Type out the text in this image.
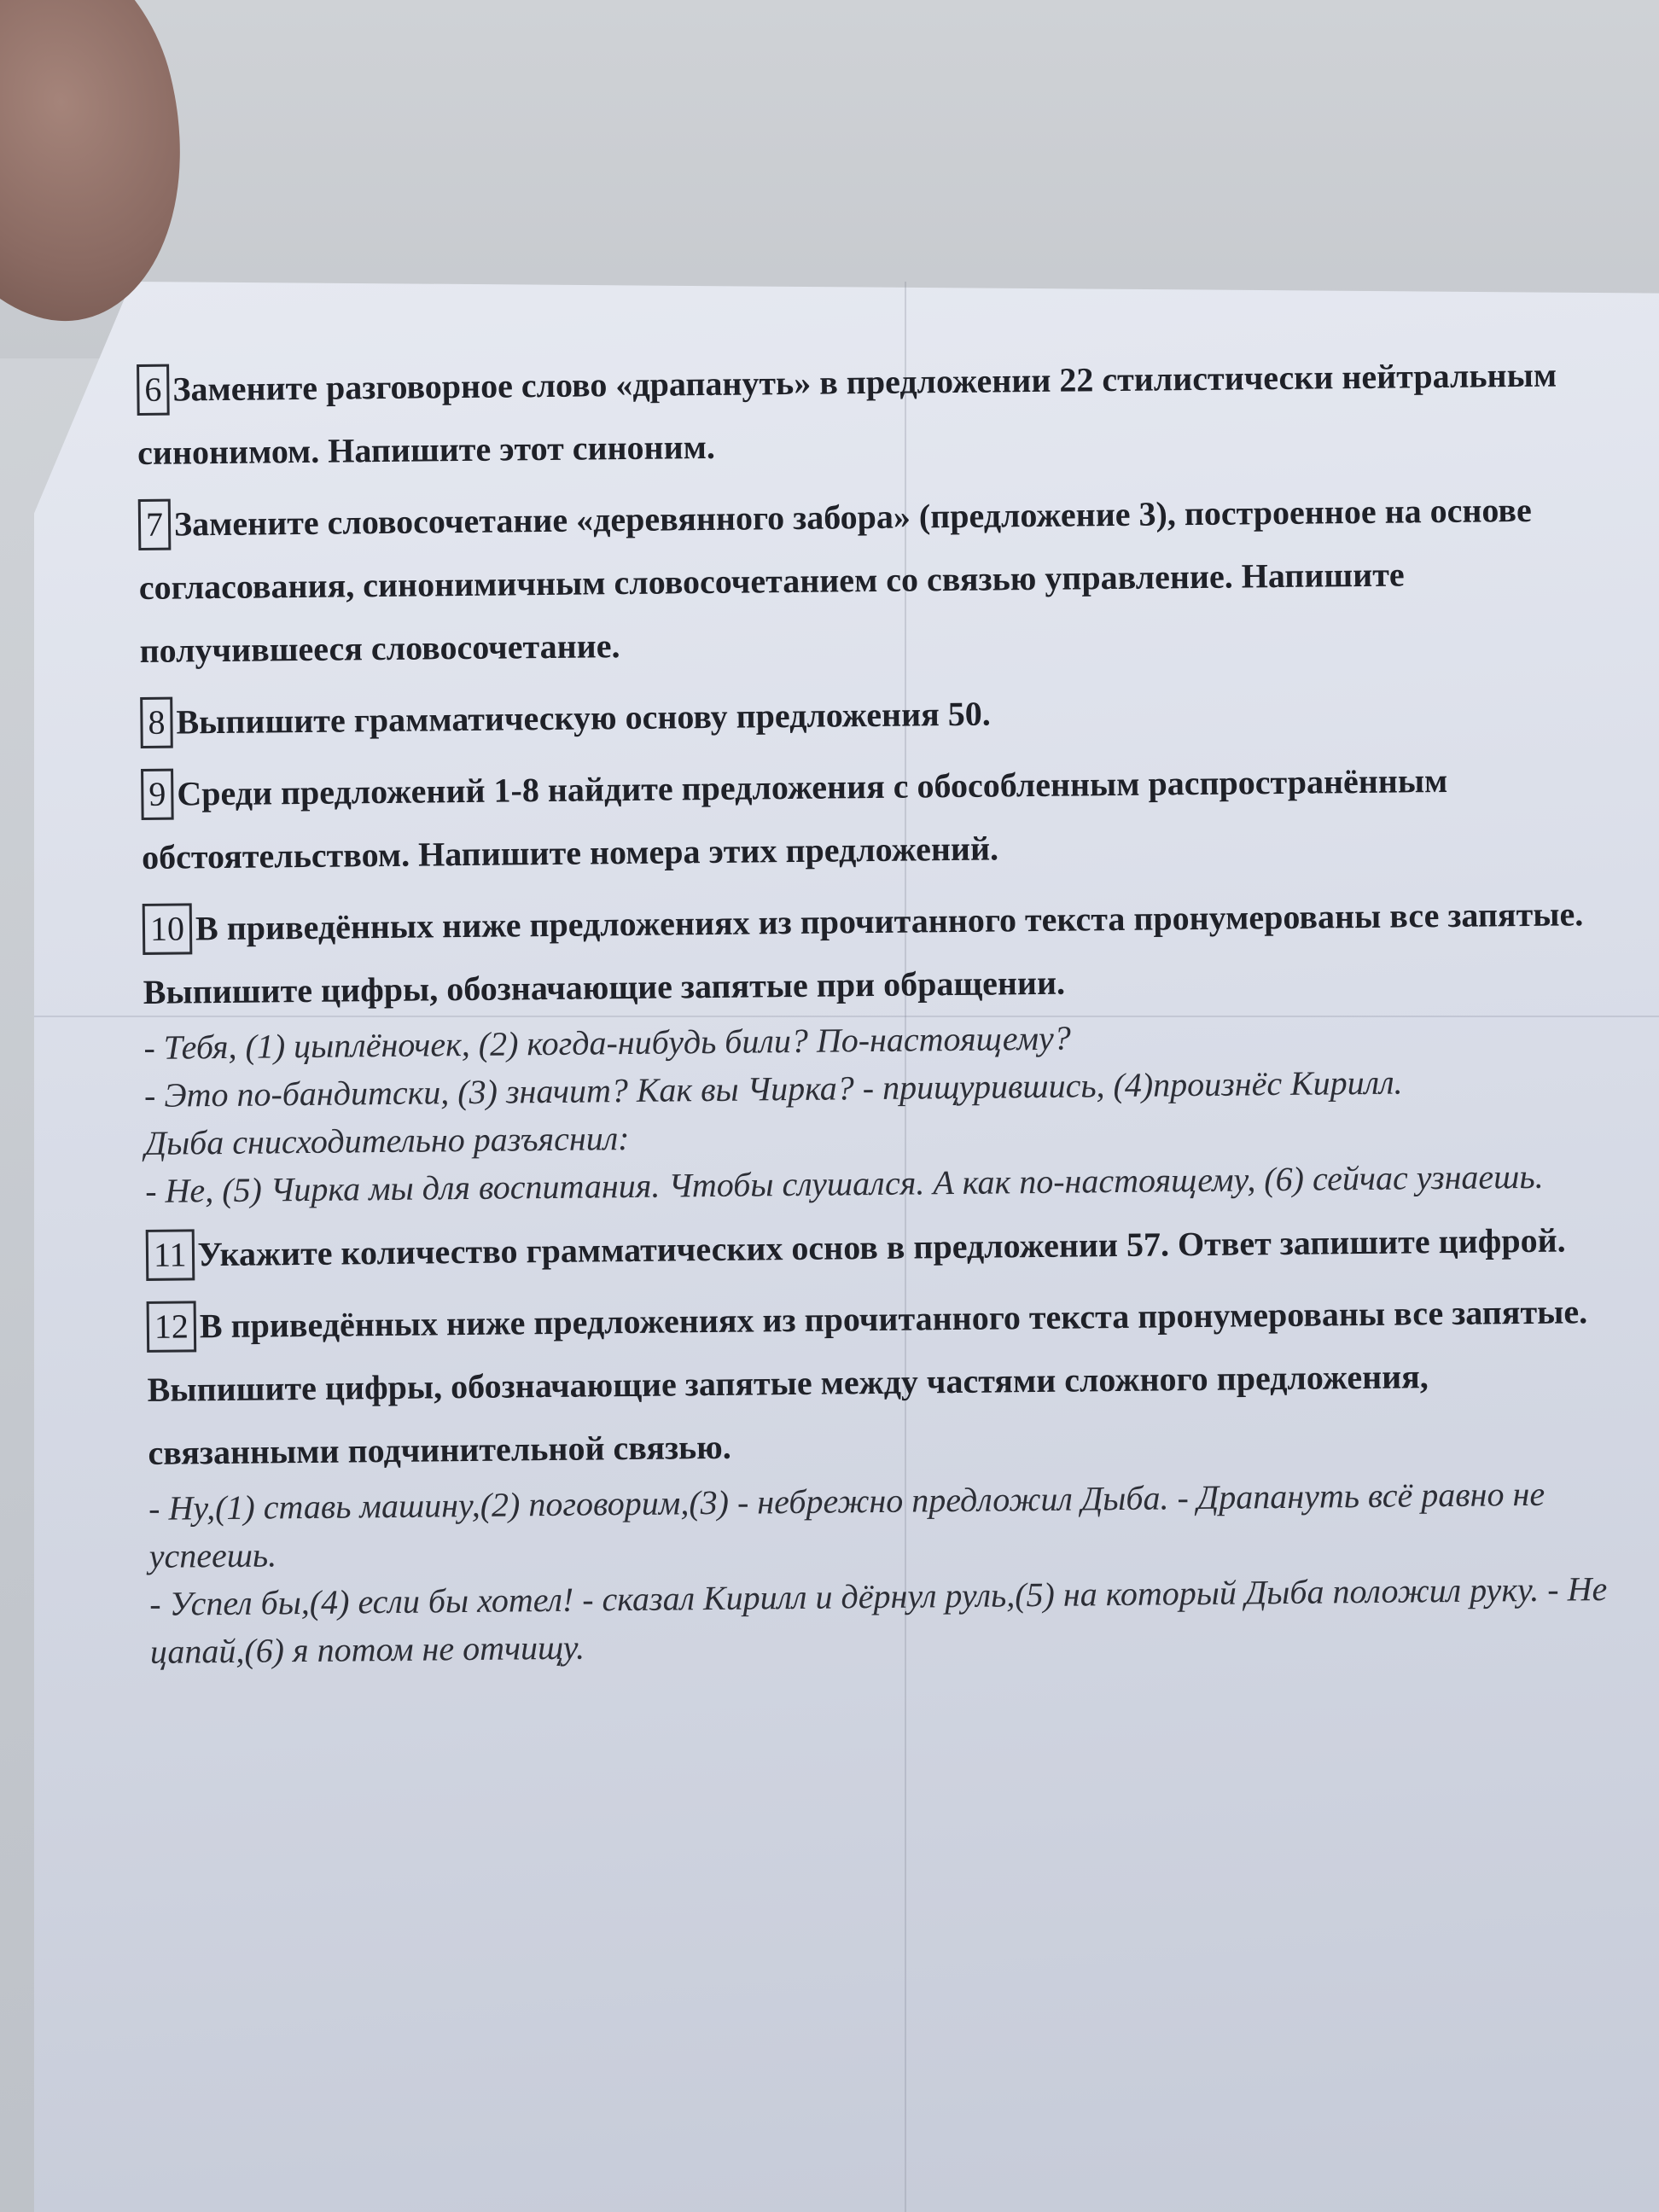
6 Замените разговорное слово «драпануть» в предложении 22 стилистически нейтральным синонимом. Напишите этот синоним.
7 Замените словосочетание «деревянного забора» (предложение 3), построенное на основе согласования, синонимичным словосочетанием со связью управление. Напишите получившееся словосочетание.
8 Выпишите грамматическую основу предложения 50.
9 Среди предложений 1-8 найдите предложения с обособленным распространённым обстоятельством. Напишите номера этих предложений.
10 В приведённых ниже предложениях из прочитанного текста пронумерованы все запятые. Выпишите цифры, обозначающие запятые при обращении.
- Тебя, (1) цыплёночек, (2) когда-нибудь били? По-настоящему?
- Это по-бандитски, (3) значит? Как вы Чирка? - прищурившись, (4)произнёс Кирилл.
Дыба снисходительно разъяснил:
- Не, (5) Чирка мы для воспитания. Чтобы слушался. А как по-настоящему, (6) сейчас узнаешь.
11 Укажите количество грамматических основ в предложении 57. Ответ запишите цифрой.
12 В приведённых ниже предложениях из прочитанного текста пронумерованы все запятые. Выпишите цифры, обозначающие запятые между частями сложного предложения, связанными подчинительной связью.
- Ну,(1) ставь машину,(2) поговорим,(3) - небрежно предложил Дыба. - Драпануть всё равно не успеешь.
- Успел бы,(4) если бы хотел! - сказал Кирилл и дёрнул руль,(5) на который Дыба положил руку. - Не цапай,(6) я потом не отчищу.
